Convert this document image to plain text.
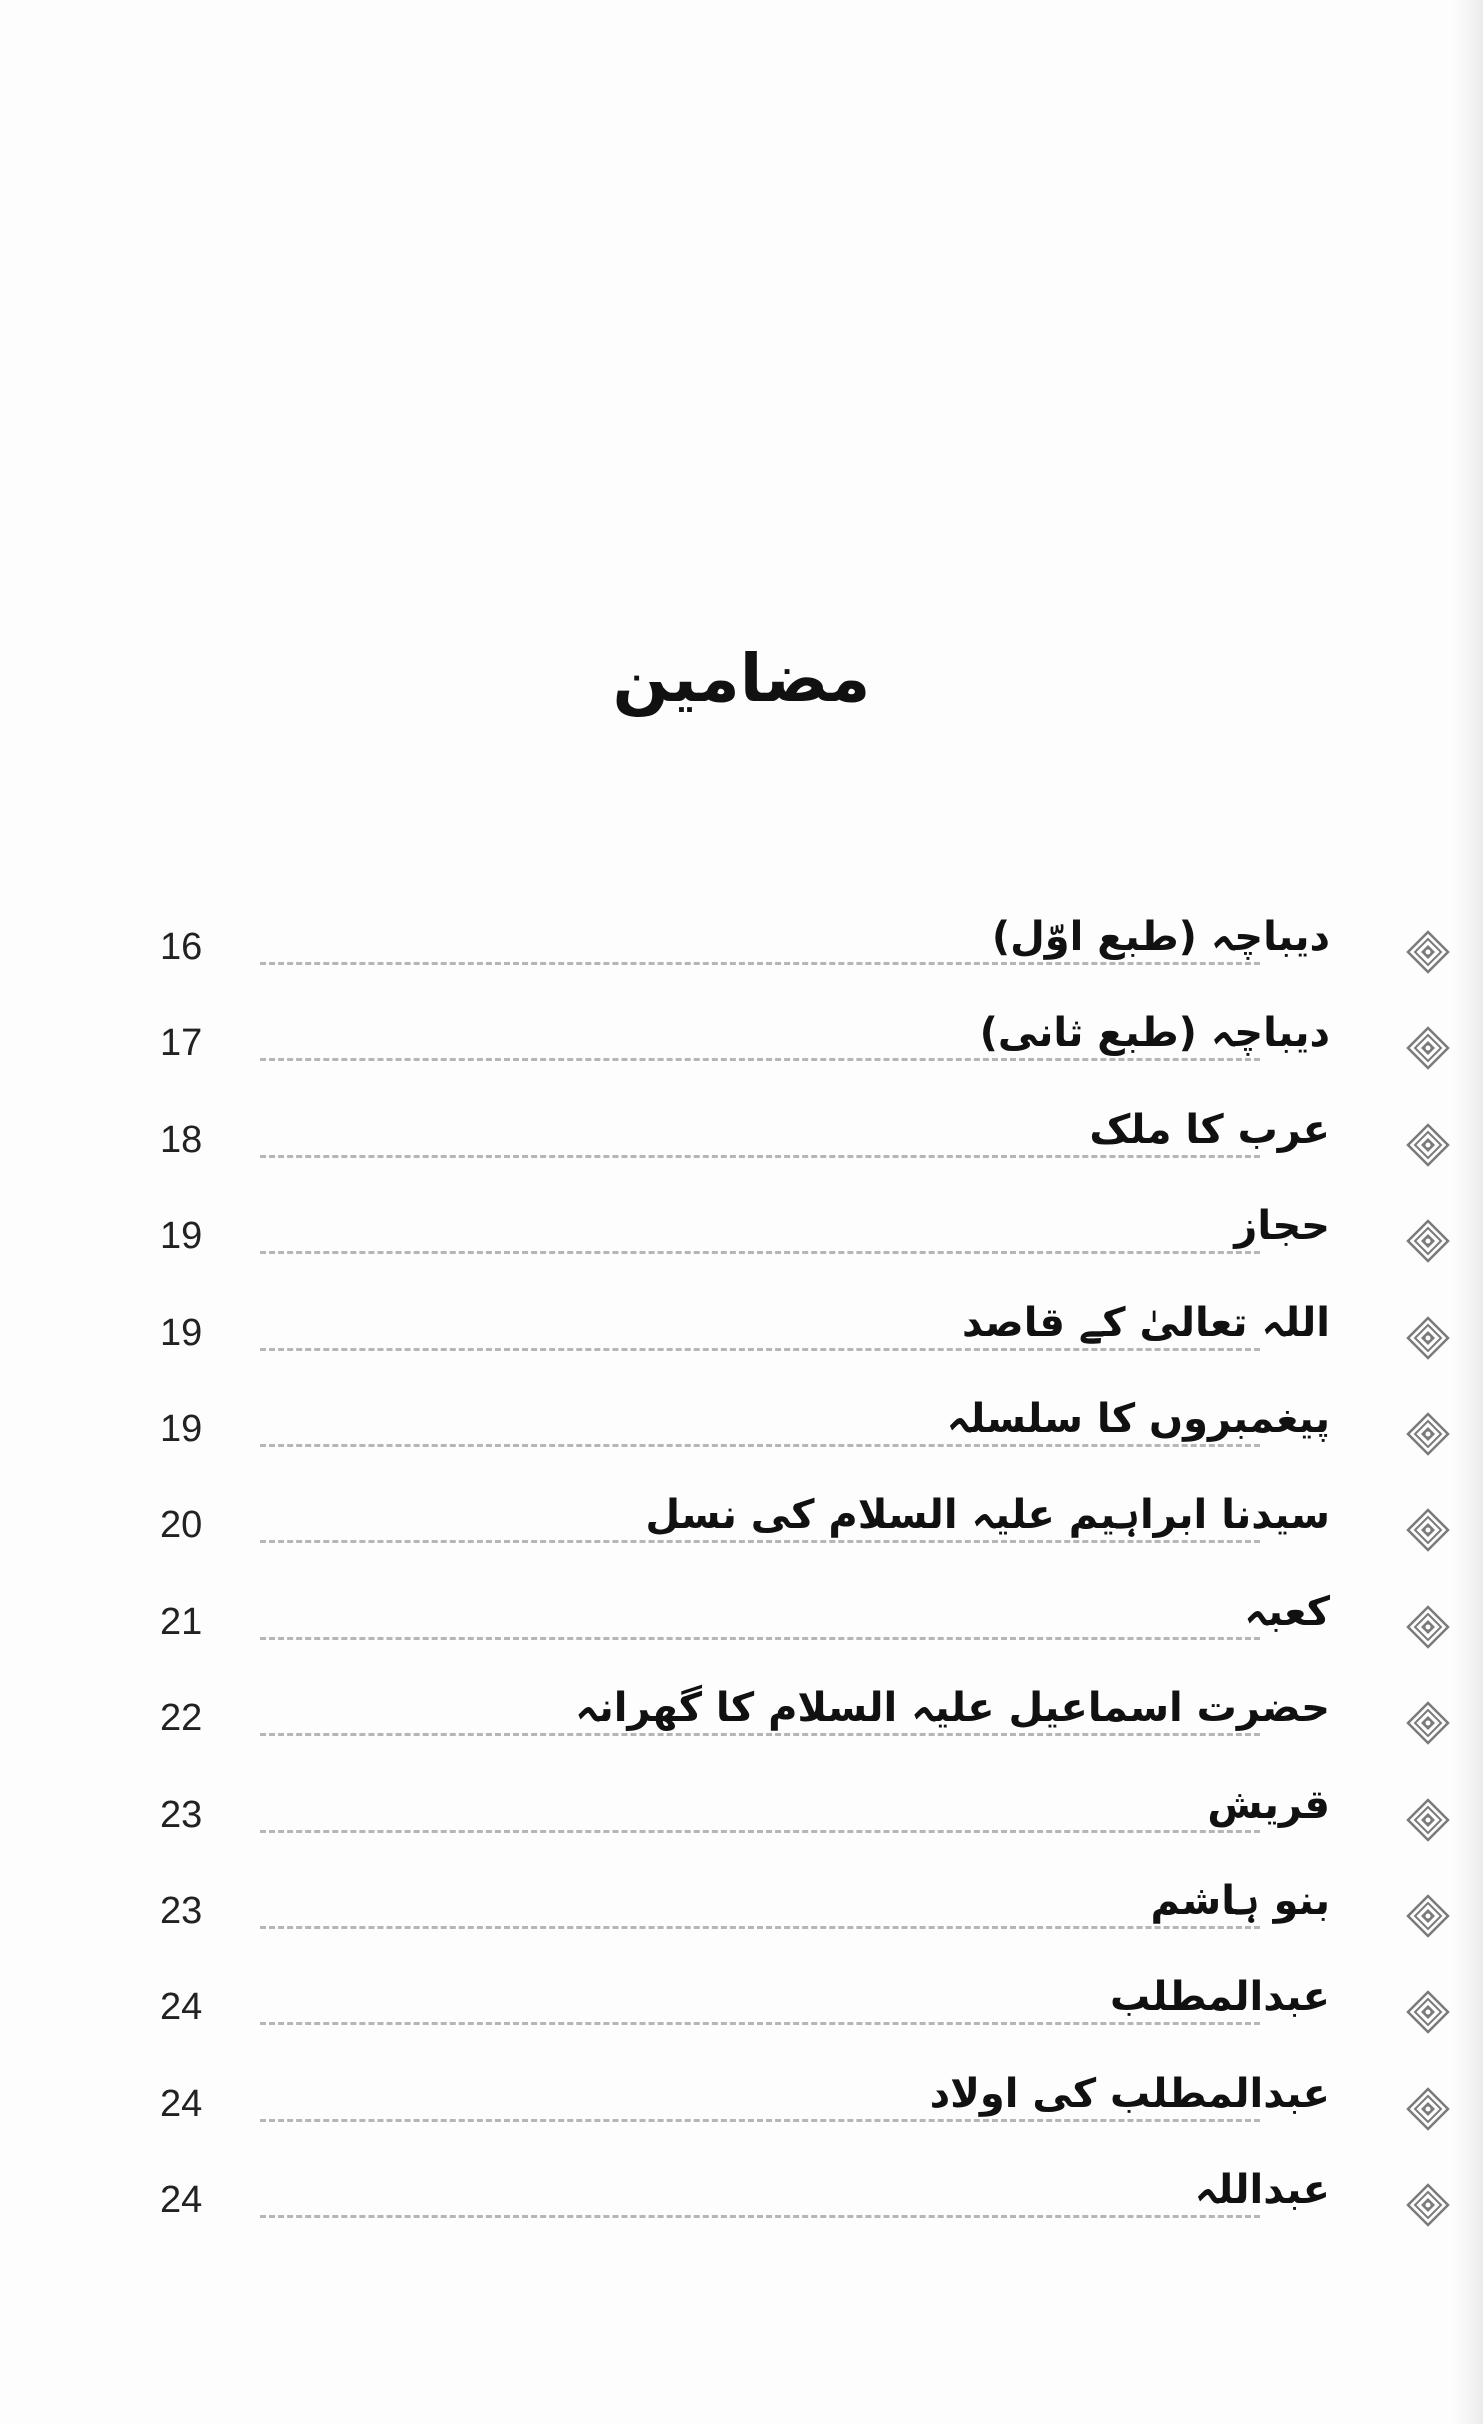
مضامین
16	دیباچہ (طبع اوّل)
17	دیباچہ (طبع ثانی)
18	عرب کا ملک
19	حجاز
19	اللہ تعالیٰ کے قاصد
19	پیغمبروں کا سلسلہ
20	سیدنا ابراہیم علیہ السلام کی نسل
21	کعبہ
22	حضرت اسماعیل علیہ السلام کا گھرانہ
23	قریش
23	بنو ہاشم
24	عبدالمطلب
24	عبدالمطلب کی اولاد
24	عبداللہ
